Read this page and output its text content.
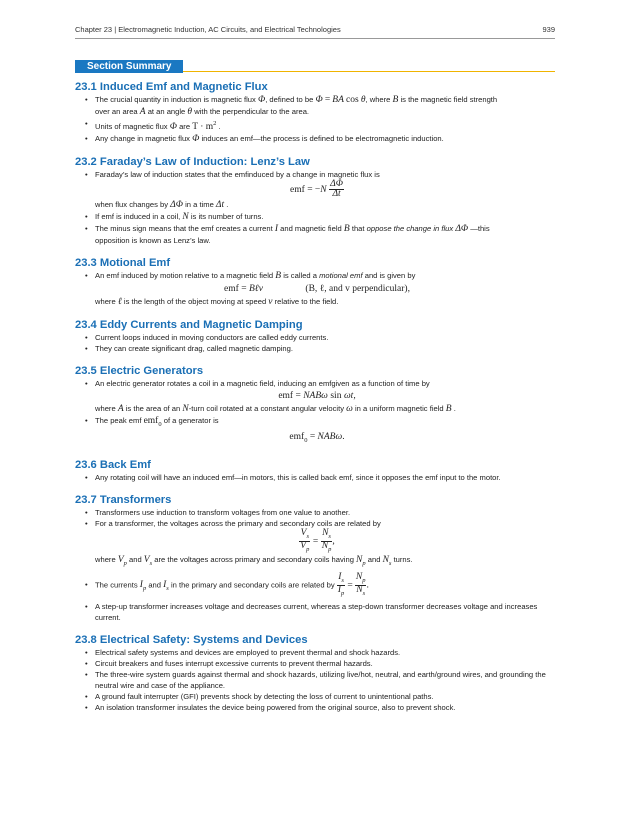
Chapter 23 | Electromagnetic Induction, AC Circuits, and Electrical Technologies	939
Section Summary
23.1 Induced Emf and Magnetic Flux
• The crucial quantity in induction is magnetic flux Φ, defined to be Φ = BA cos θ, where B is the magnetic field strength
over an area A at an angle θ with the perpendicular to the area.
• Units of magnetic flux Φ are $T \cdot m^2$ .
• Any change in magnetic flux Φ induces an emf—the process is defined to be electromagnetic induction.
23.2 Faraday’s Law of Induction: Lenz’s Law
• Faraday’s law of induction states that the emfinduced by a change in magnetic flux is
emf = $-N \frac{\Delta\Phi}{\Delta t}$
when flux changes by ΔΦ in a time Δt .
• If emf is induced in a coil, N is its number of turns.
• The minus sign means that the emf creates a current I and magnetic field B that oppose the change in flux ΔΦ —this
opposition is known as Lenz’s law.
23.3 Motional Emf
• An emf induced by motion relative to a magnetic field B is called a motional emf and is given by
emf = Bℓv	(B, ℓ, and v perpendicular),
where ℓ is the length of the object moving at speed v relative to the field.
23.4 Eddy Currents and Magnetic Damping
• Current loops induced in moving conductors are called eddy currents.
• They can create significant drag, called magnetic damping.
23.5 Electric Generators
• An electric generator rotates a coil in a magnetic field, inducing an emfgiven as a function of time by
emf = NABω sin ωt,
where A is the area of an N-turn coil rotated at a constant angular velocity ω in a uniform magnetic field B .
• The peak emf emf$_0$ of a generator is
emf$_0$ = NABω.
23.6 Back Emf
• Any rotating coil will have an induced emf—in motors, this is called back emf, since it opposes the emf input to the motor.
23.7 Transformers
• Transformers use induction to transform voltages from one value to another.
• For a transformer, the voltages across the primary and secondary coils are related by
$\frac{V_s}{V_p} = \frac{N_s}{N_p}$ ,
where $V_p$ and $V_s$ are the voltages across primary and secondary coils having $N_p$ and $N_s$ turns.
• The currents $I_p$ and $I_s$ in the primary and secondary coils are related by $\frac{I_s}{I_p} = \frac{N_p}{N_s}$ .
• A step-up transformer increases voltage and decreases current, whereas a step-down transformer decreases voltage and increases current.
23.8 Electrical Safety: Systems and Devices
• Electrical safety systems and devices are employed to prevent thermal and shock hazards.
• Circuit breakers and fuses interrupt excessive currents to prevent thermal hazards.
• The three-wire system guards against thermal and shock hazards, utilizing live/hot, neutral, and earth/ground wires, and grounding the neutral wire and case of the appliance.
• A ground fault interrupter (GFI) prevents shock by detecting the loss of current to unintentional paths.
• An isolation transformer insulates the device being powered from the original source, also to prevent shock.
